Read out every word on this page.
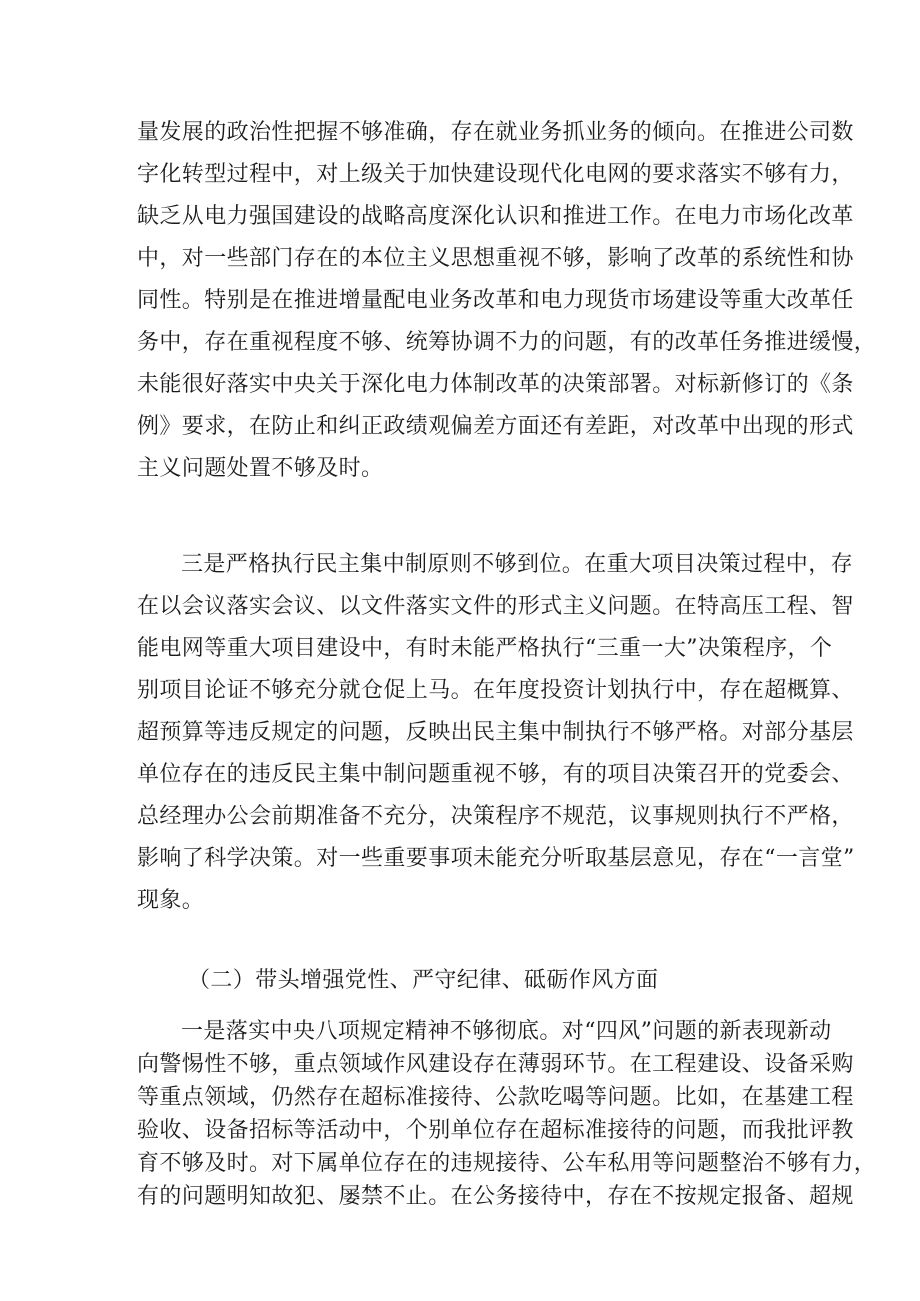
量发展的政治性把握不够准确，存在就业务抓业务的倾向。在推进公司数
字化转型过程中，对上级关于加快建设现代化电网的要求落实不够有力，
缺乏从电力强国建设的战略高度深化认识和推进工作。在电力市场化改革
中，对一些部门存在的本位主义思想重视不够，影响了改革的系统性和协
同性。特别是在推进增量配电业务改革和电力现货市场建设等重大改革任
务中，存在重视程度不够、统筹协调不力的问题，有的改革任务推进缓慢，
未能很好落实中央关于深化电力体制改革的决策部署。对标新修订的《条
例》要求，在防止和纠正政绩观偏差方面还有差距，对改革中出现的形式
主义问题处置不够及时。
三是严格执行民主集中制原则不够到位。在重大项目决策过程中，存
在以会议落实会议、以文件落实文件的形式主义问题。在特高压工程、智
能电网等重大项目建设中，有时未能严格执行“三重一大”决策程序，个
别项目论证不够充分就仓促上马。在年度投资计划执行中，存在超概算、
超预算等违反规定的问题，反映出民主集中制执行不够严格。对部分基层
单位存在的违反民主集中制问题重视不够，有的项目决策召开的党委会、
总经理办公会前期准备不充分，决策程序不规范，议事规则执行不严格，
影响了科学决策。对一些重要事项未能充分听取基层意见，存在“一言堂”
现象。
（二）带头增强党性、严守纪律、砥砺作风方面
一是落实中央八项规定精神不够彻底。对“四风”问题的新表现新动
向警惕性不够，重点领域作风建设存在薄弱环节。在工程建设、设备采购
等重点领域，仍然存在超标准接待、公款吃喝等问题。比如，在基建工程
验收、设备招标等活动中，个别单位存在超标准接待的问题，而我批评教
育不够及时。对下属单位存在的违规接待、公车私用等问题整治不够有力，
有的问题明知故犯、屡禁不止。在公务接待中，存在不按规定报备、超规
